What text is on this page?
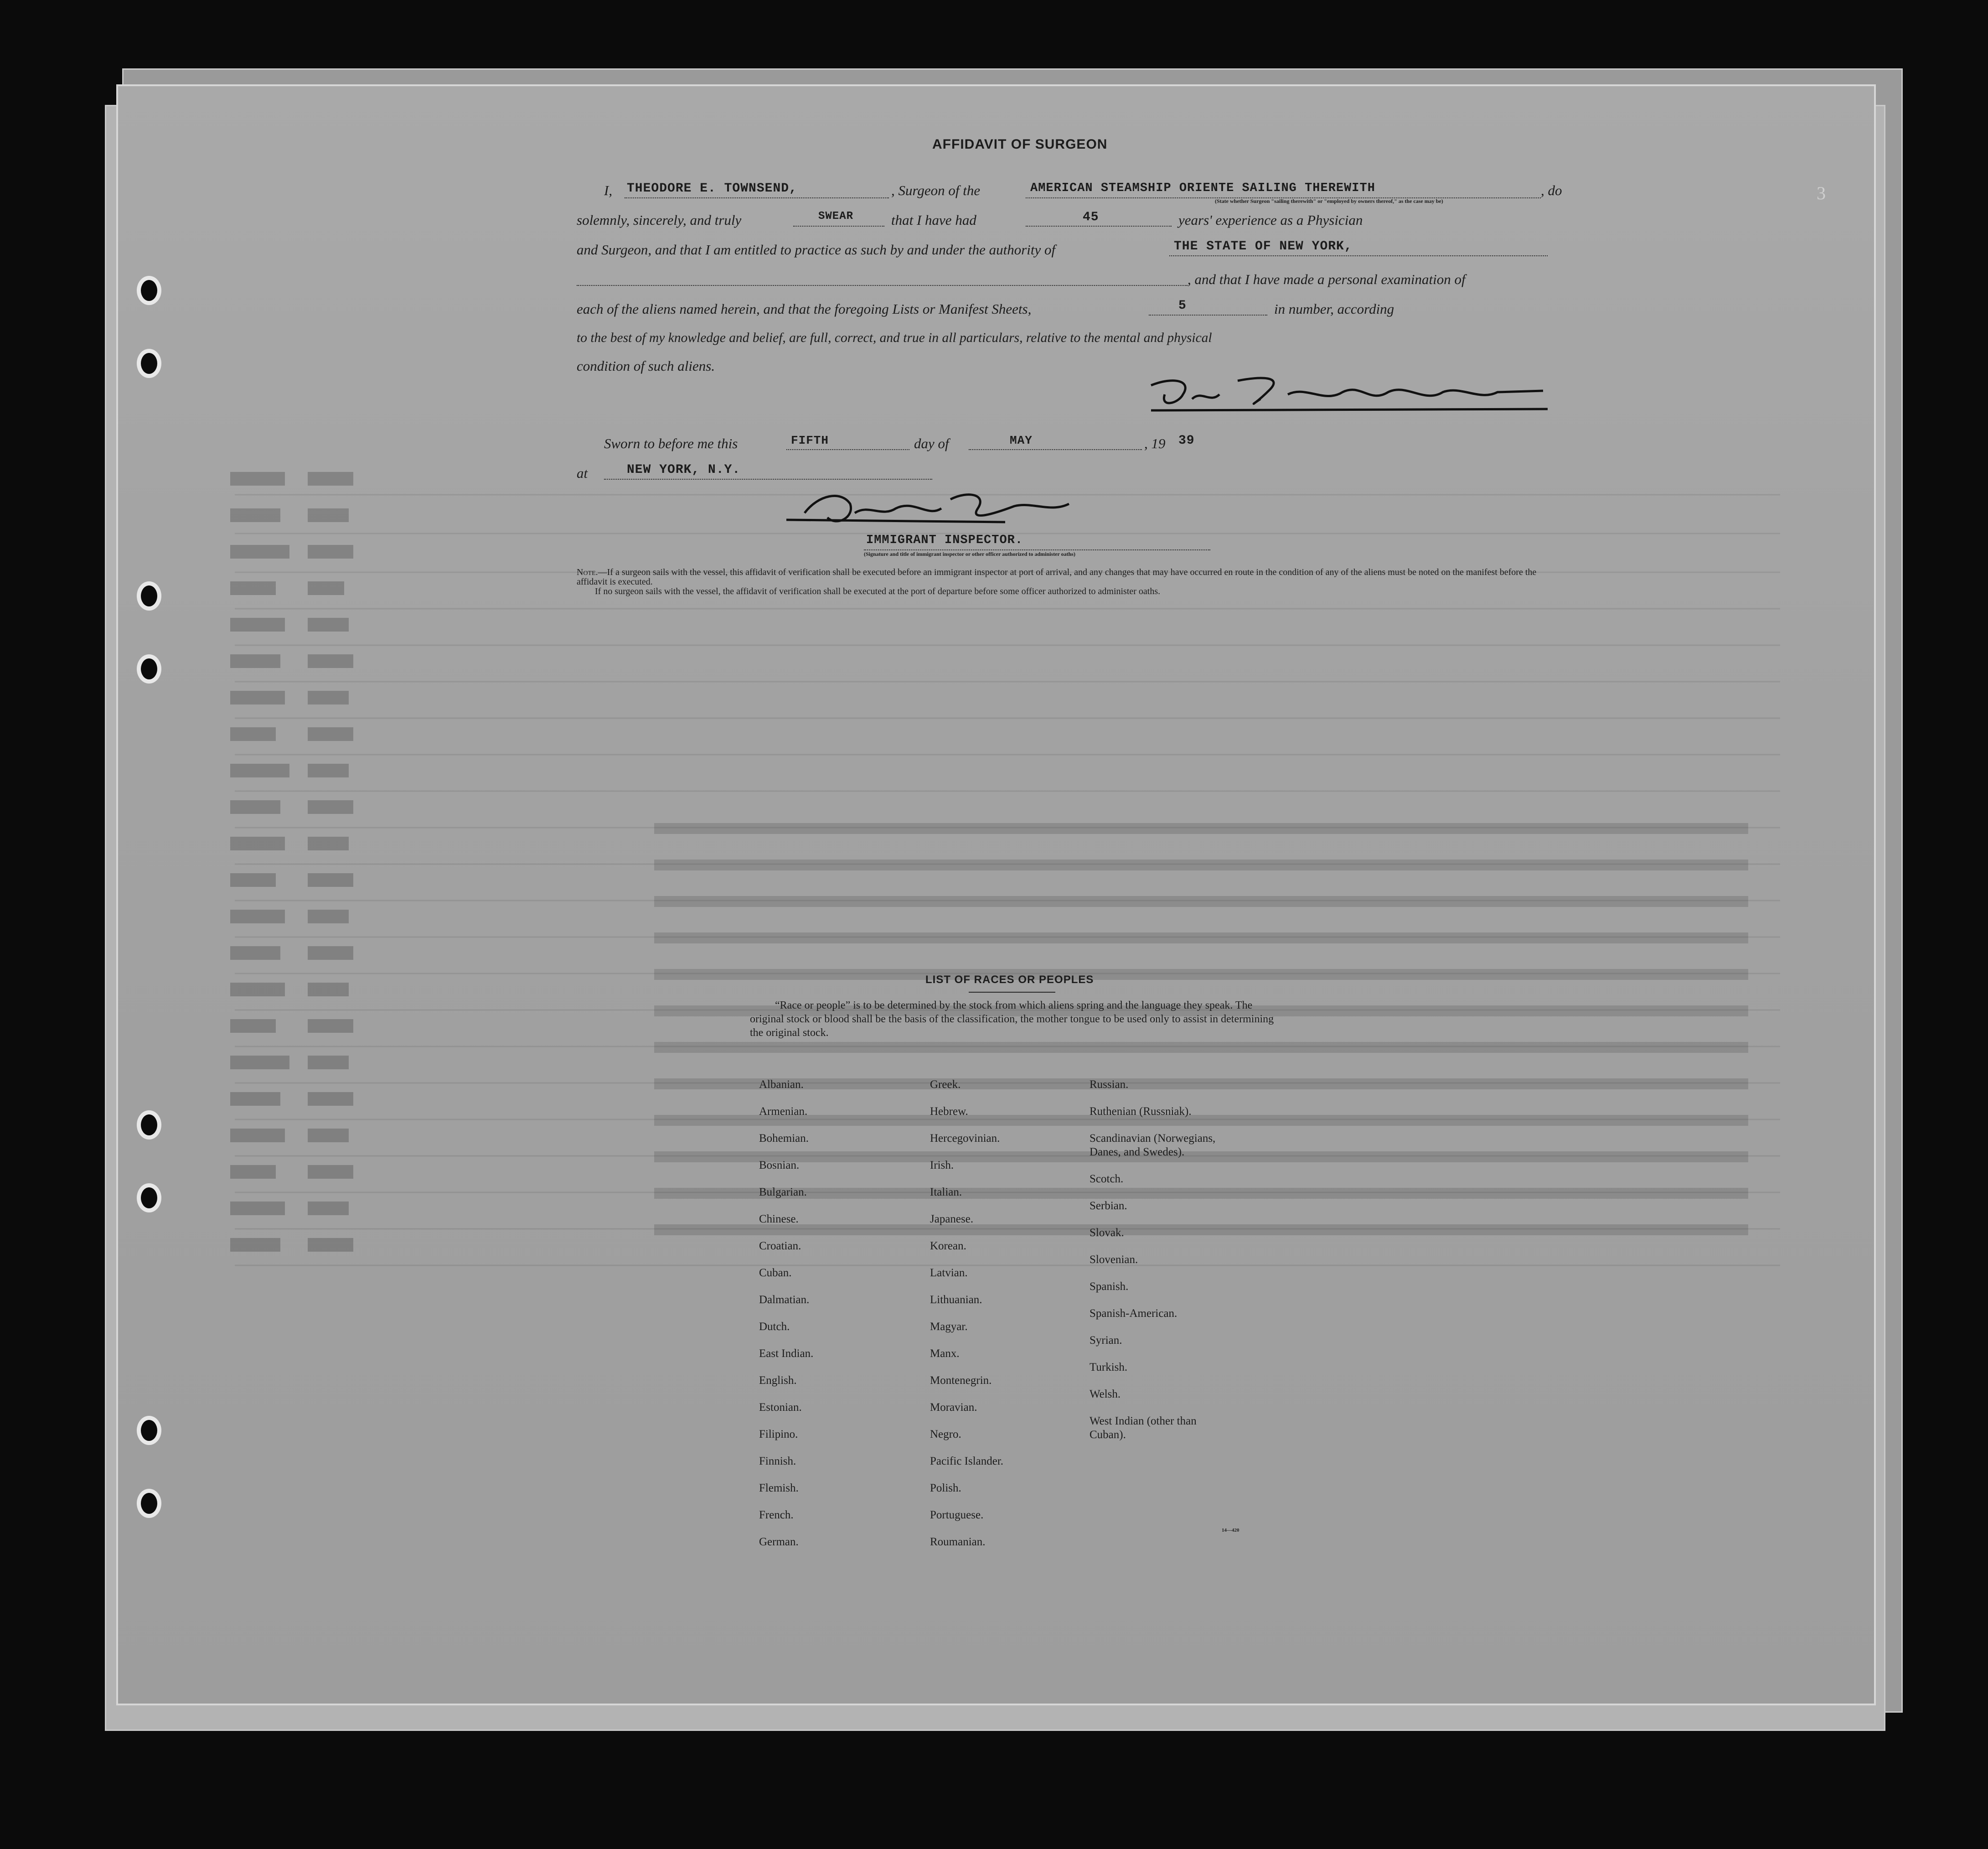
AFFIDAVIT OF SURGEON
I, THEODORE E. TOWNSEND,	, Surgeon of the	AMERICAN STEAMSHIP ORIENTE SAILING THEREWITH	, do
(State whether Surgeon "sailing therewith" or "employed by owners thereof," as the case may be)
solemnly, sincerely, and truly	SWEAR	that I have had	45	years' experience as a Physician
and Surgeon, and that I am entitled to practice as such by and under the authority of	THE STATE OF NEW YORK,
, and that I have made a personal examination of
each of the aliens named herein, and that the foregoing Lists or Manifest Sheets,	5	in number, according
to the best of my knowledge and belief, are full, correct, and true in all particulars, relative to the mental and physical
condition of such aliens.
Sworn to before me this	FIFTH	day of	MAY	, 19 39
at	NEW YORK, N.Y.
IMMIGRANT INSPECTOR.
(Signature and title of immigrant inspector or other officer authorized to administer oaths)
Note.—If a surgeon sails with the vessel, this affidavit of verification shall be executed before an immigrant inspector at port of arrival, and any changes that may have occurred en route in the condition of any of the aliens must be noted on the manifest before the affidavit is executed.
If no surgeon sails with the vessel, the affidavit of verification shall be executed at the port of departure before some officer authorized to administer oaths.
LIST OF RACES OR PEOPLES
“Race or people” is to be determined by the stock from which aliens spring and the language they speak. The original stock or blood shall be the basis of the classification, the mother tongue to be used only to assist in determining the original stock.
Albanian.
Armenian.
Bohemian.
Bosnian.
Bulgarian.
Chinese.
Croatian.
Cuban.
Dalmatian.
Dutch.
East Indian.
English.
Estonian.
Filipino.
Finnish.
Flemish.
French.
German.
Greek.
Hebrew.
Hercegovinian.
Irish.
Italian.
Japanese.
Korean.
Latvian.
Lithuanian.
Magyar.
Manx.
Montenegrin.
Moravian.
Negro.
Pacific Islander.
Polish.
Portuguese.
Roumanian.
Russian.
Ruthenian (Russniak).
Scandinavian (Norwegians,
Danes, and Swedes).
Scotch.
Serbian.
Slovak.
Slovenian.
Spanish.
Spanish-American.
Syrian.
Turkish.
Welsh.
West Indian (other than
Cuban).
14—420
3
